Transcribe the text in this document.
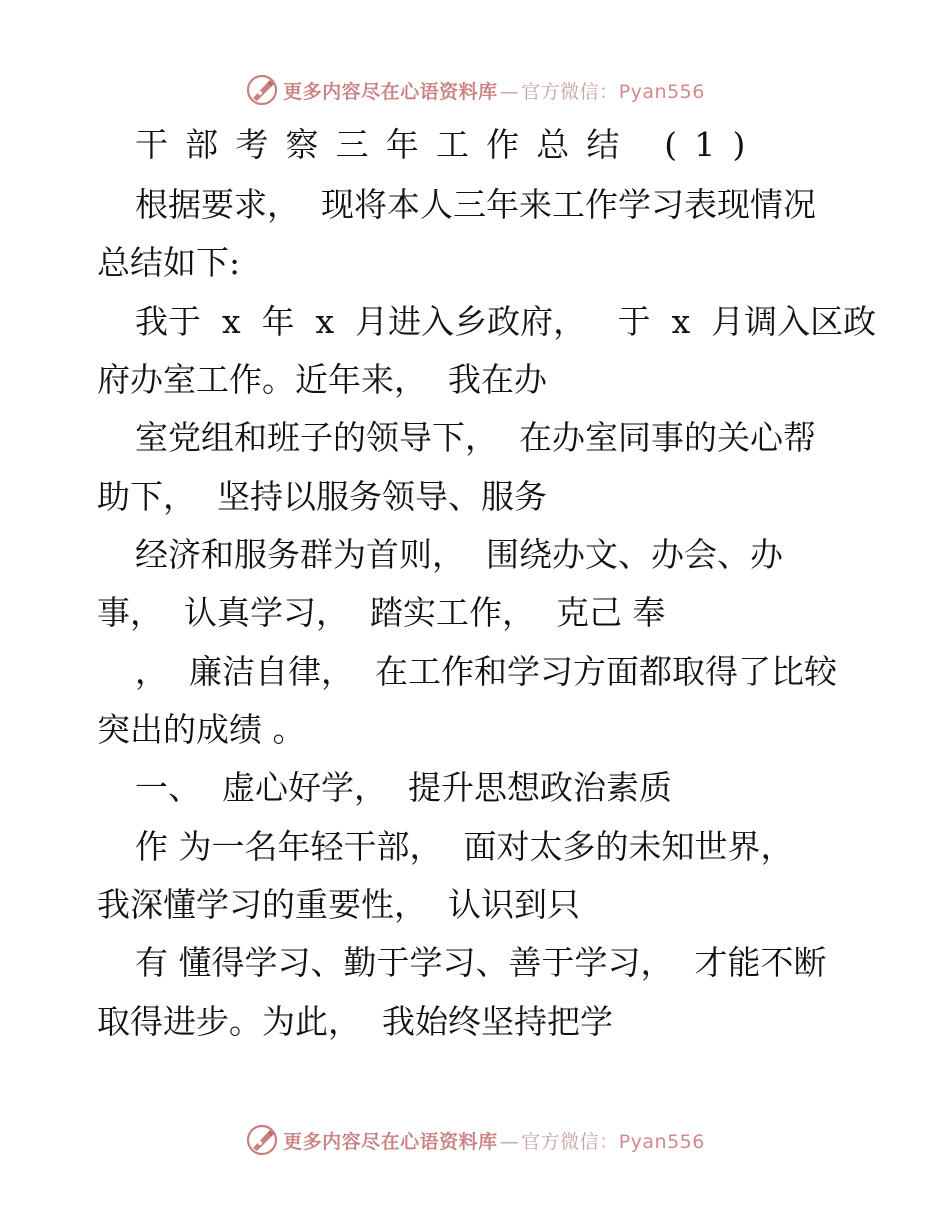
更多内容尽在心语资料库 — 官方微信：Pyan556
干部考察三年工作总结 (1)
根据要求，  现将本人三年来工作学习表现情况
总结如下:
我于  x  年  x  月进入乡政府，   于  x  月调入区政
府办室工作。近年来，  我在办
室党组和班子的领导下，  在办室同事的关心帮
助下，  坚持以服务领导、服务
经济和服务群为首则，  围绕办文、办会、办
事，  认真学习，  踏实工作，  克己 奉
，  廉洁自律，  在工作和学习方面都取得了比较
突出的成绩 。
一、  虚心好学，  提升思想政治素质
作 为一名年轻干部，  面对太多的未知世界，
我深懂学习的重要性，  认识到只
有 懂得学习、勤于学习、善于学习，  才能不断
取得进步。为此，  我始终坚持把学
更多内容尽在心语资料库 — 官方微信：Pyan556
